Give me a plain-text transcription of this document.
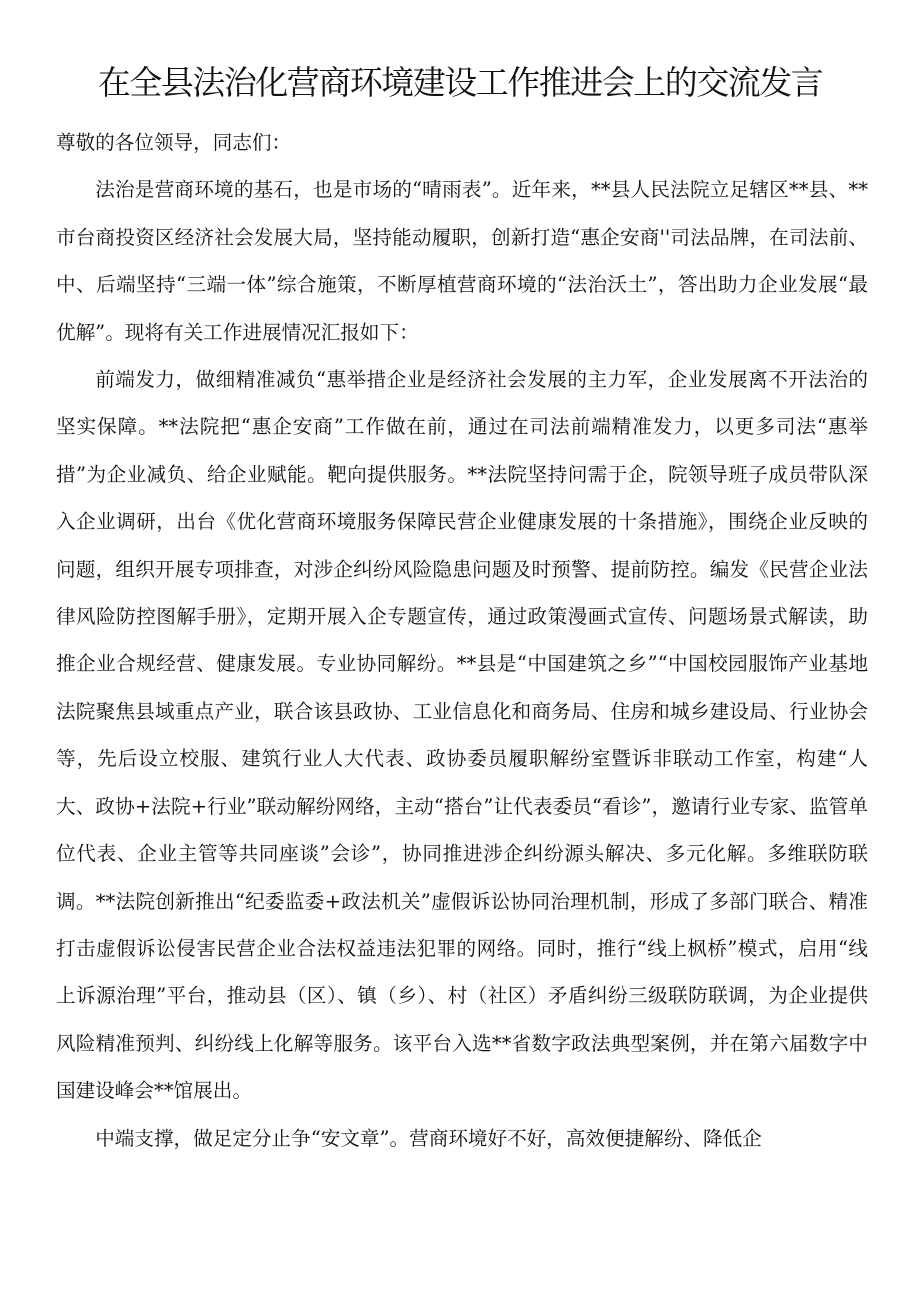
在全县法治化营商环境建设工作推进会上的交流发言

尊敬的各位领导，同志们：

法治是营商环境的基石，也是市场的“晴雨表”。近年来，**县人民法院立足辖区**县、**市台商投资区经济社会发展大局，坚持能动履职，创新打造“惠企安商''司法品牌，在司法前、中、后端坚持“三端一体”综合施策，不断厚植营商环境的“法治沃土”，答出助力企业发展“最优解”。现将有关工作进展情况汇报如下：

前端发力，做细精准减负“惠举措企业是经济社会发展的主力军，企业发展离不开法治的坚实保障。**法院把“惠企安商”工作做在前，通过在司法前端精准发力，以更多司法“惠举措”为企业减负、给企业赋能。靶向提供服务。**法院坚持问需于企，院领导班子成员带队深入企业调研，出台《优化营商环境服务保障民营企业健康发展的十条措施》，围绕企业反映的问题，组织开展专项排查，对涉企纠纷风险隐患问题及时预警、提前防控。编发《民营企业法律风险防控图解手册》，定期开展入企专题宣传，通过政策漫画式宣传、问题场景式解读，助推企业合规经营、健康发展。专业协同解纷。**县是“中国建筑之乡”“中国校园服饰产业基地法院聚焦县域重点产业，联合该县政协、工业信息化和商务局、住房和城乡建设局、行业协会等，先后设立校服、建筑行业人大代表、政协委员履职解纷室暨诉非联动工作室，构建“人大、政协+法院+行业”联动解纷网络，主动“搭台”让代表委员“看诊”，邀请行业专家、监管单位代表、企业主管等共同座谈”会诊”，协同推进涉企纠纷源头解决、多元化解。多维联防联调。**法院创新推出“纪委监委+政法机关”虚假诉讼协同治理机制，形成了多部门联合、精准打击虚假诉讼侵害民营企业合法权益违法犯罪的网络。同时，推行“线上枫桥”模式，启用“线上诉源治理”平台，推动县（区）、镇（乡）、村（社区）矛盾纠纷三级联防联调，为企业提供风险精准预判、纠纷线上化解等服务。该平台入选**省数字政法典型案例，并在第六届数字中国建设峰会**馆展出。

中端支撑，做足定分止争“安文章”。营商环境好不好，高效便捷解纷、降低企
